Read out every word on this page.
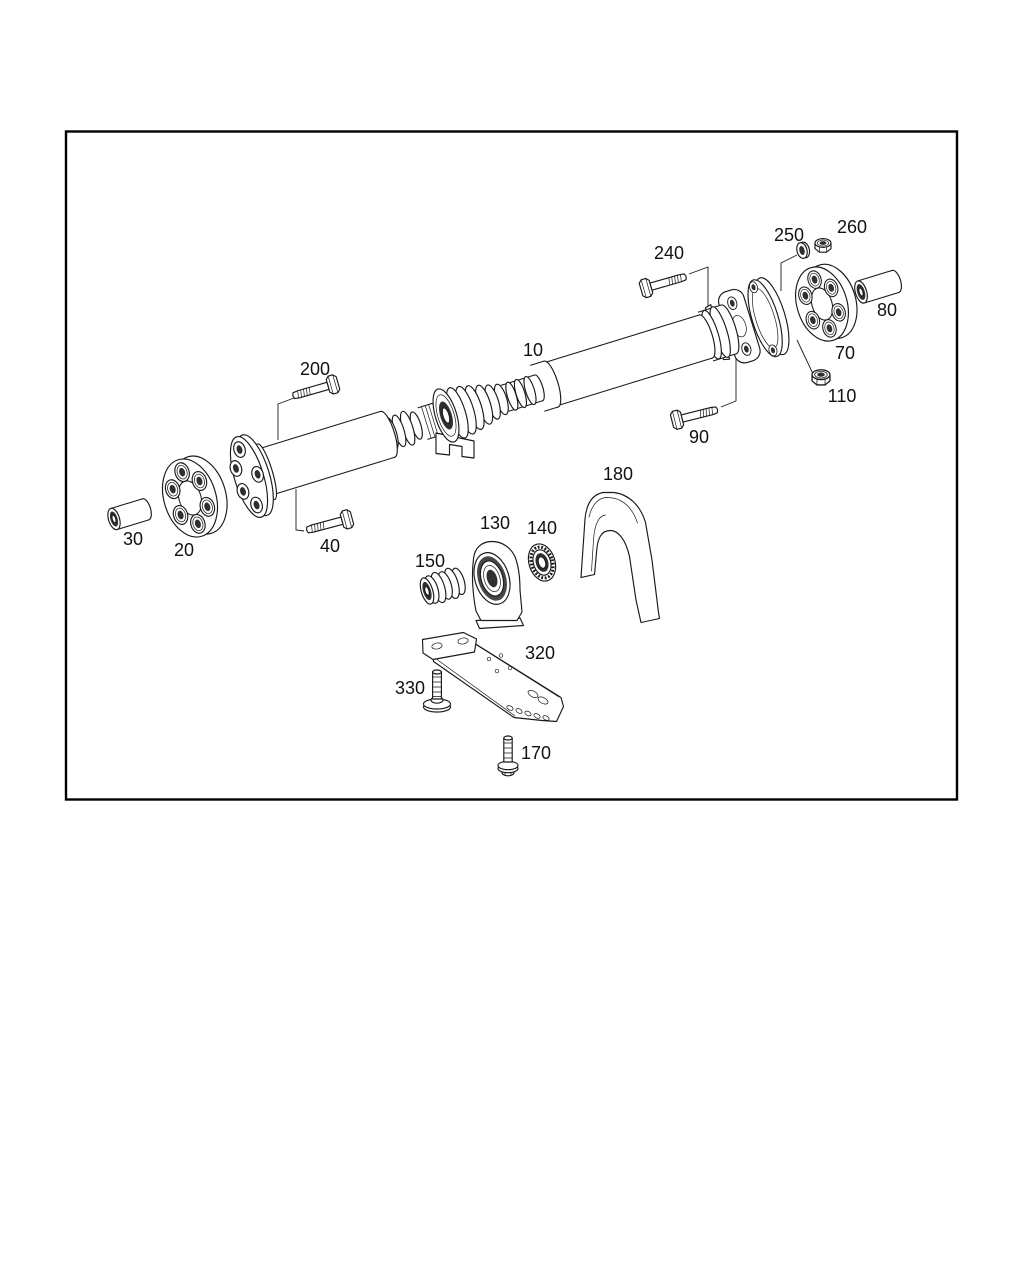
10
20
30	40
70
80
90
110
130 140
150
170
180
200
240
250 260
320
330
